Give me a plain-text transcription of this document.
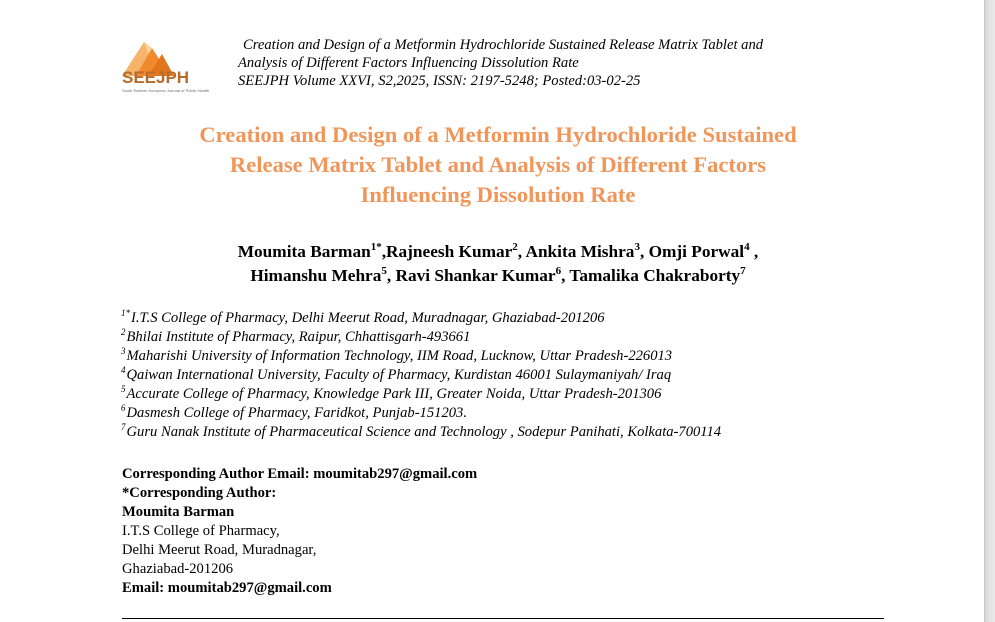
SEEJPH
South Eastern European Journal of Public Health
Creation and Design of a Metformin Hydrochloride Sustained Release Matrix Tablet and
Analysis of Different Factors Influencing Dissolution Rate
SEEJPH Volume XXVI, S2,2025, ISSN: 2197-5248; Posted:03-02-25
Creation and Design of a Metformin Hydrochloride Sustained
Release Matrix Tablet and Analysis of Different Factors
Influencing Dissolution Rate
Moumita Barman$^{1*}$,Rajneesh Kumar$^2$, Ankita Mishra$^3$, Omji Porwal$^4$ ,
Himanshu Mehra$^5$, Ravi Shankar Kumar$^6$, Tamalika Chakraborty$^7$
$^{1*}$I.T.S College of Pharmacy, Delhi Meerut Road, Muradnagar, Ghaziabad-201206
$^2$Bhilai Institute of Pharmacy, Raipur, Chhattisgarh-493661
$^3$Maharishi University of Information Technology, IIM Road, Lucknow, Uttar Pradesh-226013
$^4$Qaiwan International University, Faculty of Pharmacy, Kurdistan 46001 Sulaymaniyah/ Iraq
$^5$Accurate College of Pharmacy, Knowledge Park III, Greater Noida, Uttar Pradesh-201306
$^6$Dasmesh College of Pharmacy, Faridkot, Punjab-151203.
$^7$Guru Nanak Institute of Pharmaceutical Science and Technology , Sodepur Panihati, Kolkata-700114
Corresponding Author Email: moumitab297@gmail.com
*Corresponding Author:
Moumita Barman
I.T.S College of Pharmacy,
Delhi Meerut Road, Muradnagar,
Ghaziabad-201206
Email: moumitab297@gmail.com
